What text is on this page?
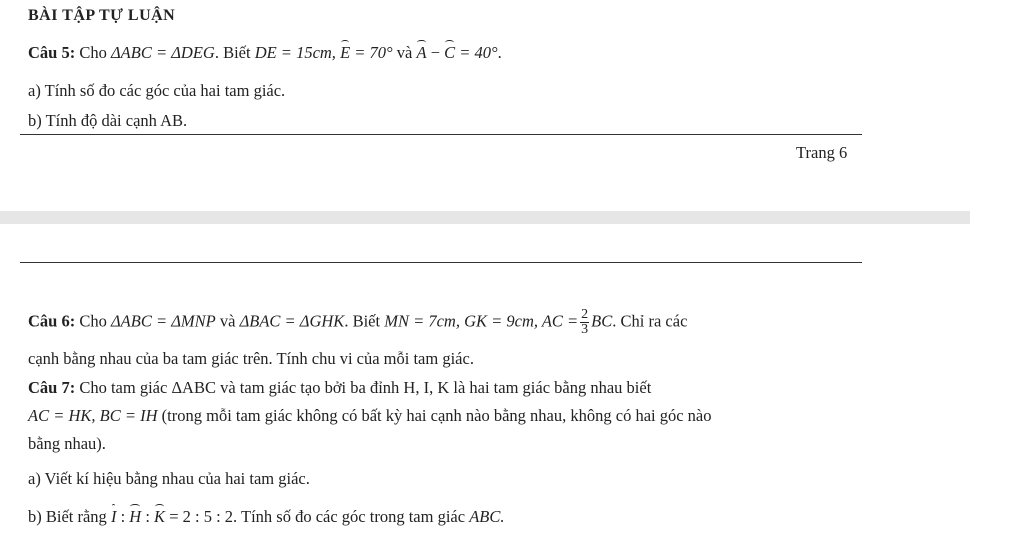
BÀI TẬP TỰ LUẬN
Câu 5: Cho ΔABC = ΔDEG. Biết DE = 15cm, E = 70° và A − C = 40°.
a) Tính số đo các góc của hai tam giác.
b) Tính độ dài cạnh AB.
Trang 6
Câu 6: Cho ΔABC = ΔMNP và ΔBAC = ΔGHK. Biết MN = 7cm, GK = 9cm, AC = $\frac{2}{3}$ BC. Chỉ ra các
cạnh bằng nhau của ba tam giác trên. Tính chu vi của mỗi tam giác.
Câu 7: Cho tam giác ΔABC và tam giác tạo bởi ba đỉnh H, I, K là hai tam giác bằng nhau biết
AC = HK, BC = IH (trong mỗi tam giác không có bất kỳ hai cạnh nào bằng nhau, không có hai góc nào
bằng nhau).
a) Viết kí hiệu bằng nhau của hai tam giác.
b) Biết rằng I : H : K = 2 : 5 : 2. Tính số đo các góc trong tam giác ABC.
